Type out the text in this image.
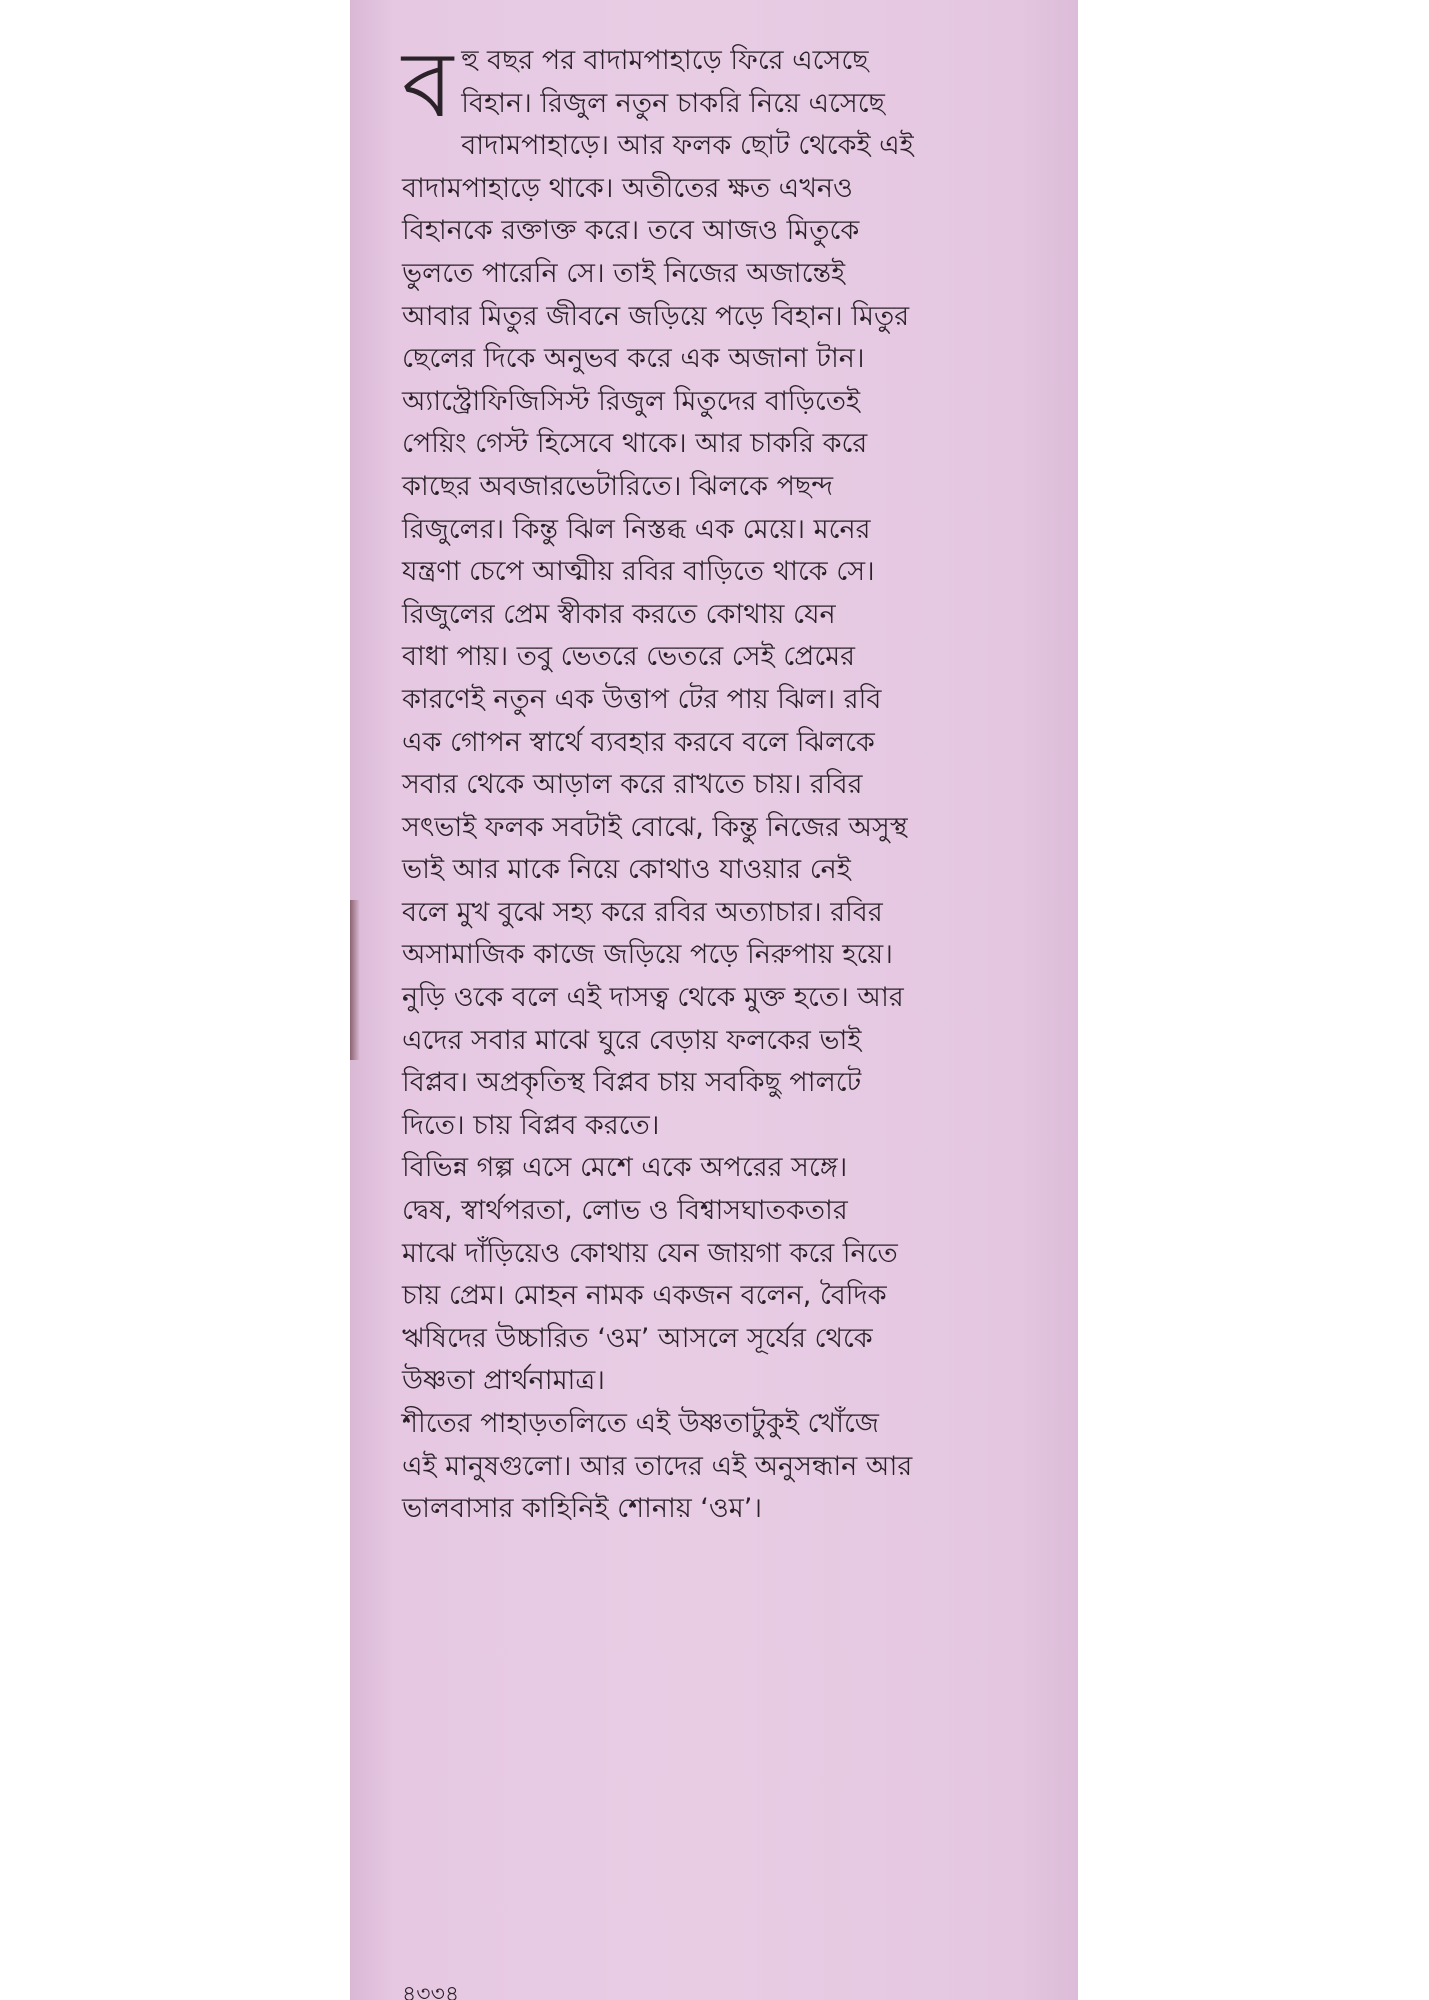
ব হু বছর পর বাদামপাহাড়ে ফিরে এসেছে
বিহান। রিজুল নতুন চাকরি নিয়ে এসেছে
বাদামপাহাড়ে। আর ফলক ছোট থেকেই এই
বাদামপাহাড়ে থাকে। অতীতের ক্ষত এখনও
বিহানকে রক্তাক্ত করে। তবে আজও মিতুকে
ভুলতে পারেনি সে। তাই নিজের অজান্তেই
আবার মিতুর জীবনে জড়িয়ে পড়ে বিহান। মিতুর
ছেলের দিকে অনুভব করে এক অজানা টান।
অ্যাস্ট্রোফিজিসিস্ট রিজুল মিতুদের বাড়িতেই
পেয়িং গেস্ট হিসেবে থাকে। আর চাকরি করে
কাছের অবজারভেটারিতে। ঝিলকে পছন্দ
রিজুলের। কিন্তু ঝিল নিস্তব্ধ এক মেয়ে। মনের
যন্ত্রণা চেপে আত্মীয় রবির বাড়িতে থাকে সে।
রিজুলের প্রেম স্বীকার করতে কোথায় যেন
বাধা পায়। তবু ভেতরে ভেতরে সেই প্রেমের
কারণেই নতুন এক উত্তাপ টের পায় ঝিল। রবি
এক গোপন স্বার্থে ব্যবহার করবে বলে ঝিলকে
সবার থেকে আড়াল করে রাখতে চায়। রবির
সৎভাই ফলক সবটাই বোঝে, কিন্তু নিজের অসুস্থ
ভাই আর মাকে নিয়ে কোথাও যাওয়ার নেই
বলে মুখ বুঝে সহ্য করে রবির অত্যাচার। রবির
অসামাজিক কাজে জড়িয়ে পড়ে নিরুপায় হয়ে।
নুড়ি ওকে বলে এই দাসত্ব থেকে মুক্ত হতে। আর
এদের সবার মাঝে ঘুরে বেড়ায় ফলকের ভাই
বিপ্লব। অপ্রকৃতিস্থ বিপ্লব চায় সবকিছু পালটে
দিতে। চায় বিপ্লব করতে।

বিভিন্ন গল্প এসে মেশে একে অপরের সঙ্গে।
দ্বেষ, স্বার্থপরতা, লোভ ও বিশ্বাসঘাতকতার
মাঝে দাঁড়িয়েও কোথায় যেন জায়গা করে নিতে
চায় প্রেম। মোহন নামক একজন বলেন, বৈদিক
ঋষিদের উচ্চারিত ‘ওম’ আসলে সূর্যের থেকে
উষ্ণতা প্রার্থনামাত্র।

শীতের পাহাড়তলিতে এই উষ্ণতাটুকুই খোঁজে
এই মানুষগুলো। আর তাদের এই অনুসন্ধান আর
ভালবাসার কাহিনিই শোনায় ‘ওম’।

৪৩৩৪
